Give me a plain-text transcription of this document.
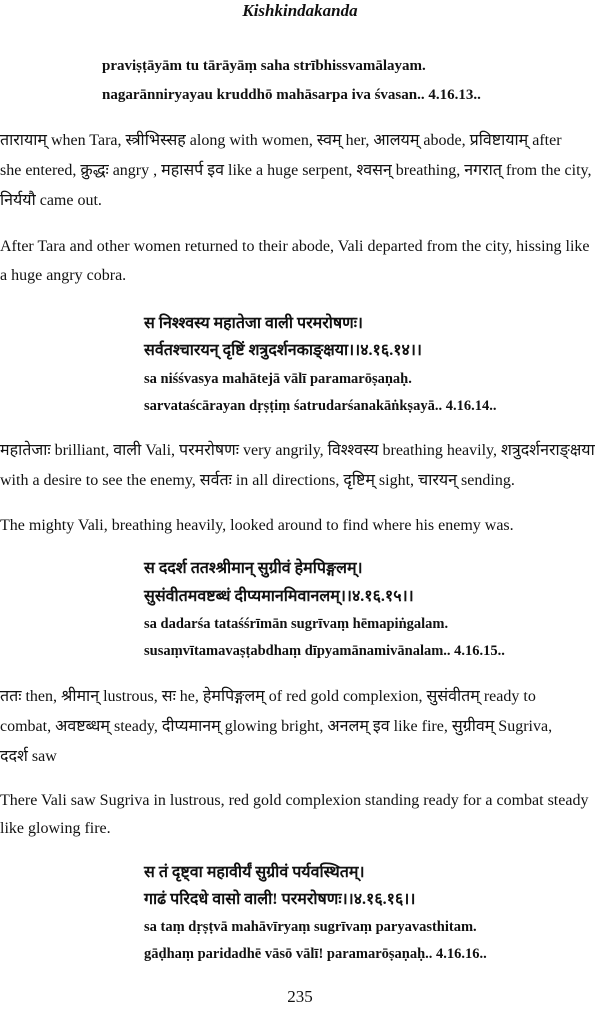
Kishkindakanda
praviṣṭāyām tu tārāyāṃ saha strībhissvamālayam.
nagarānniryayau kruddhō mahāsarpa iva śvasan.. 4.16.13..
तारायाम् when Tara, स्त्रीभिस्सह along with women, स्वम् her, आलयम् abode, प्रविष्टायाम् after
she entered, क्रुद्धः angry , महासर्प इव like a huge serpent, श्वसन् breathing, नगरात् from the city,
निर्ययौ came out.
After Tara and other women returned to their abode, Vali departed from the city, hissing like
a huge angry cobra.
स निश्श्वस्य महातेजा वाली परमरोषणः।
सर्वतश्चारयन् दृष्टिं शत्रुदर्शनकाङ्क्षया।।४.१६.१४।।
sa niśśvasya mahātejā vālī paramarōṣaṇaḥ.
sarvataścārayan dṛṣṭiṃ śatrudarśanakāṅkṣayā.. 4.16.14..
महातेजाः brilliant, वाली Vali, परमरोषणः very angrily, विश्श्वस्य breathing heavily, शत्रुदर्शनराङ्क्षया
with a desire to see the enemy, सर्वतः in all directions, दृष्टिम् sight, चारयन् sending.
The mighty Vali, breathing heavily, looked around to find where his enemy was.
स ददर्श ततश्श्रीमान् सुग्रीवं हेमपिङ्गलम्।
सुसंवीतमवष्टब्धं दीप्यमानमिवानलम्।।४.१६.१५।।
sa dadarśa tataśśrīmān sugrīvaṃ hēmapiṅgalam.
susaṃvītamavaṣṭabdhaṃ dīpyamānamivānalam.. 4.16.15..
ततः then, श्रीमान् lustrous, सः he, हेमपिङ्गलम् of red gold complexion, सुसंवीतम् ready to
combat, अवष्टब्धम् steady, दीप्यमानम् glowing bright, अनलम् इव like fire, सुग्रीवम् Sugriva,
ददर्श saw
There Vali saw Sugriva in lustrous, red gold complexion standing ready for a combat steady
like glowing fire.
स तं दृष्ट्वा महावीर्यं सुग्रीवं पर्यवस्थितम्।
गाढं परिदधे वासो वाली! परमरोषणः।।४.१६.१६।।
sa taṃ dṛṣṭvā mahāvīryaṃ sugrīvaṃ paryavasthitam.
gāḍhaṃ paridadhē vāsō vālī! paramarōṣaṇaḥ.. 4.16.16..
235
